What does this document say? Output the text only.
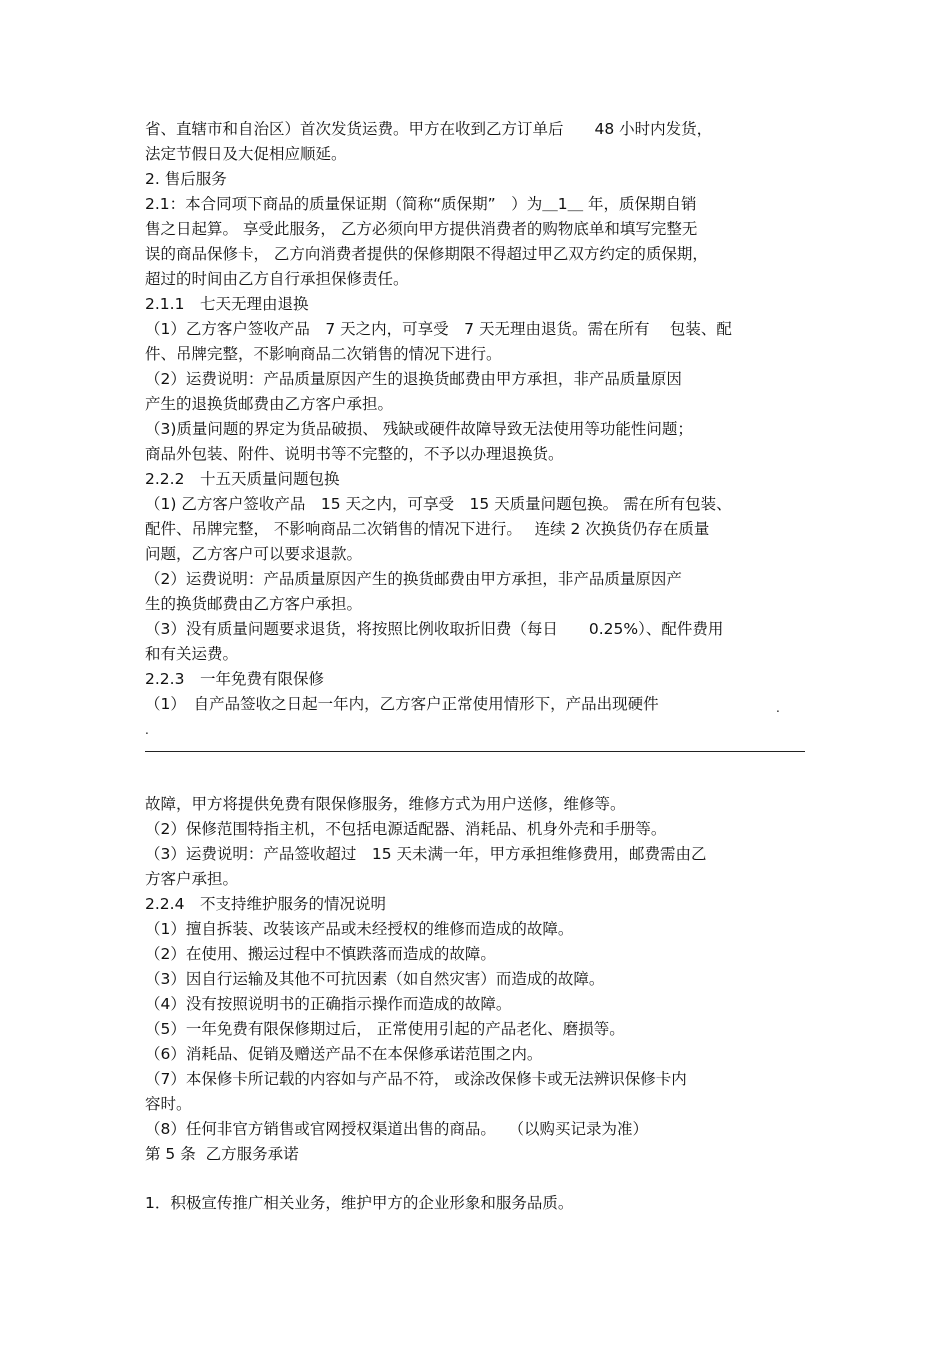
省、直辖市和自治区）首次发货运费。甲方在收到乙方订单后　　48 小时内发货，
法定节假日及大促相应顺延。
2. 售后服务
2.1：本合同项下商品的质量保证期（简称“质保期”　）为＿1＿ 年，质保期自销
售之日起算。 享受此服务， 乙方必须向甲方提供消费者的购物底单和填写完整无
误的商品保修卡， 乙方向消费者提供的保修期限不得超过甲乙双方约定的质保期，
超过的时间由乙方自行承担保修责任。
2.1.1　七天无理由退换
（1）乙方客户签收产品　7 天之内，可享受　7 天无理由退货。需在所有　 包装、配
件、吊牌完整，不影响商品二次销售的情况下进行。
（2）运费说明：产品质量原因产生的退换货邮费由甲方承担，非产品质量原因
产生的退换货邮费由乙方客户承担。
（3)质量问题的界定为货品破损、 残缺或硬件故障导致无法使用等功能性问题；
商品外包装、附件、说明书等不完整的，不予以办理退换货。
2.2.2　十五天质量问题包换
（1) 乙方客户签收产品　15 天之内，可享受　15 天质量问题包换。 需在所有包装、
配件、吊牌完整， 不影响商品二次销售的情况下进行。　 连续 2 次换货仍存在质量
问题，乙方客户可以要求退款。
（2）运费说明：产品质量原因产生的换货邮费由甲方承担，非产品质量原因产
生的换货邮费由乙方客户承担。
（3）没有质量问题要求退货，将按照比例收取折旧费（每日　　0.25%）、配件费用
和有关运费。
2.2.3　一年免费有限保修
（1）　自产品签收之日起一年内，乙方客户正常使用情形下，产品出现硬件	.
.
故障，甲方将提供免费有限保修服务，维修方式为用户送修，维修等。
（2）保修范围特指主机，不包括电源适配器、消耗品、机身外壳和手册等。
（3）运费说明：产品签收超过　15 天未满一年，甲方承担维修费用，邮费需由乙
方客户承担。
2.2.4　不支持维护服务的情况说明
（1）擅自拆装、改装该产品或未经授权的维修而造成的故障。
（2）在使用、搬运过程中不慎跌落而造成的故障。
（3）因自行运输及其他不可抗因素（如自然灾害）而造成的故障。
（4）没有按照说明书的正确指示操作而造成的故障。
（5）一年免费有限保修期过后， 正常使用引起的产品老化、磨损等。
（6）消耗品、促销及赠送产品不在本保修承诺范围之内。
（7）本保修卡所记载的内容如与产品不符， 或涂改保修卡或无法辨识保修卡内
容时。
（8）任何非官方销售或官网授权渠道出售的商品。　 （以购买记录为准）
第 5 条  乙方服务承诺
1．积极宣传推广相关业务，维护甲方的企业形象和服务品质。
